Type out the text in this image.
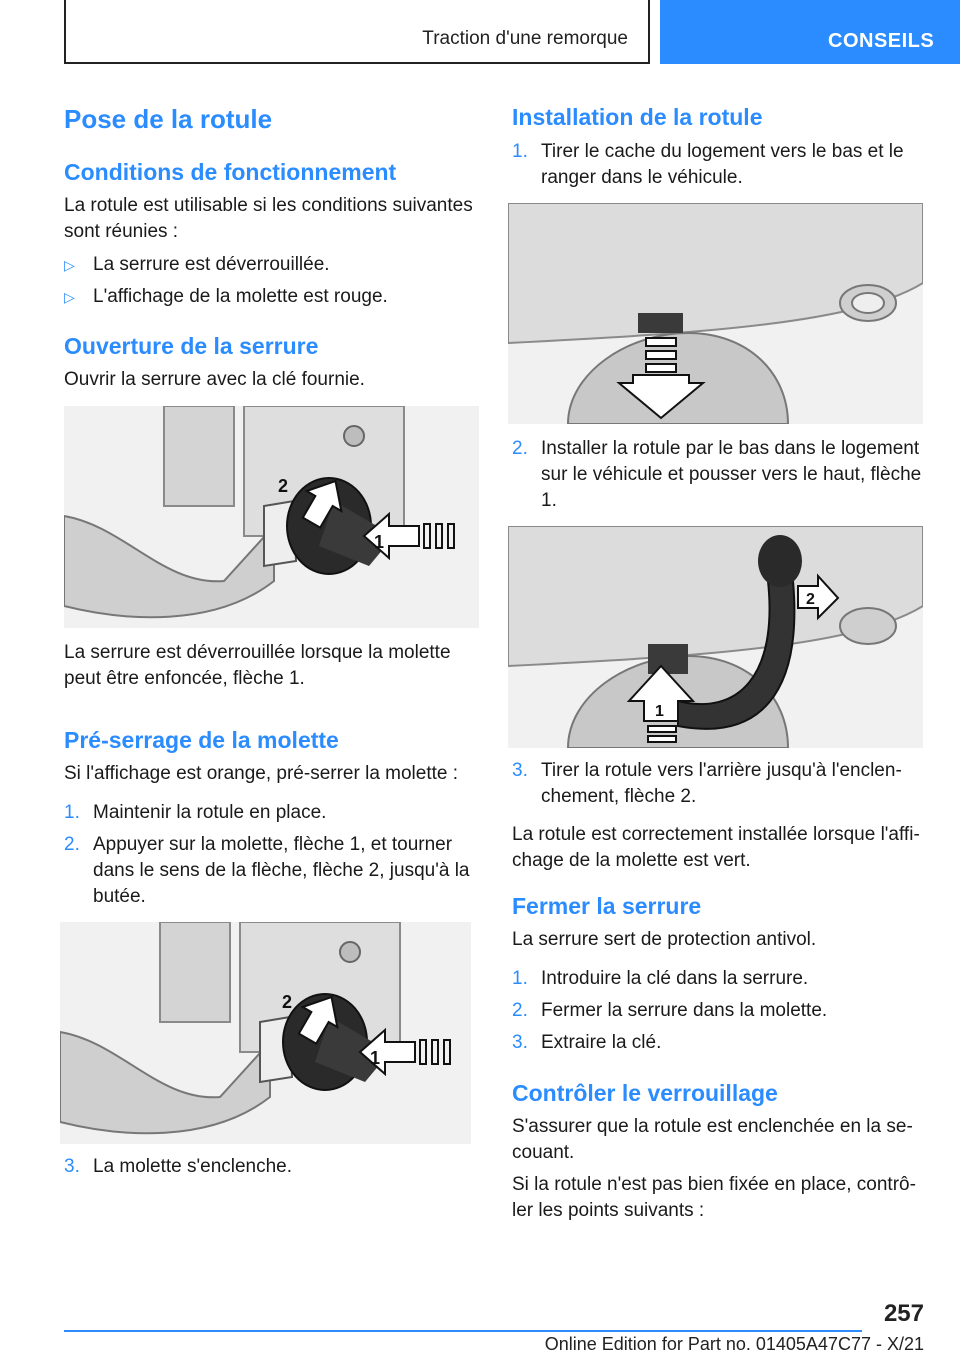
Traction d'une remorque	CONSEILS
Pose de la rotule
Conditions de fonctionnement
La rotule est utilisable si les conditions suivantes sont réunies :
▷ La serrure est déverrouillée.
▷ L'affichage de la molette est rouge.
Ouverture de la serrure
Ouvrir la serrure avec la clé fournie.
2
1
La serrure est déverrouillée lorsque la molette peut être enfoncée, flèche 1.
Pré-serrage de la molette
Si l'affichage est orange, pré-serrer la molette :
1. Maintenir la rotule en place.
2. Appuyer sur la molette, flèche 1, et tourner dans le sens de la flèche, flèche 2, jusqu'à la butée.
2
1
3. La molette s'enclenche.
Installation de la rotule
1. Tirer le cache du logement vers le bas et le ranger dans le véhicule.
2. Installer la rotule par le bas dans le logement sur le véhicule et pousser vers le haut, flèche 1.
2
1
3. Tirer la rotule vers l'arrière jusqu'à l'enclenchement, flèche 2.
La rotule est correctement installée lorsque l'affichage de la molette est vert.
Fermer la serrure
La serrure sert de protection antivol.
1. Introduire la clé dans la serrure.
2. Fermer la serrure dans la molette.
3. Extraire la clé.
Contrôler le verrouillage
S'assurer que la rotule est enclenchée en la secouant.
Si la rotule n'est pas bien fixée en place, contrôler les points suivants :
257
Online Edition for Part no. 01405A47C77 - X/21
